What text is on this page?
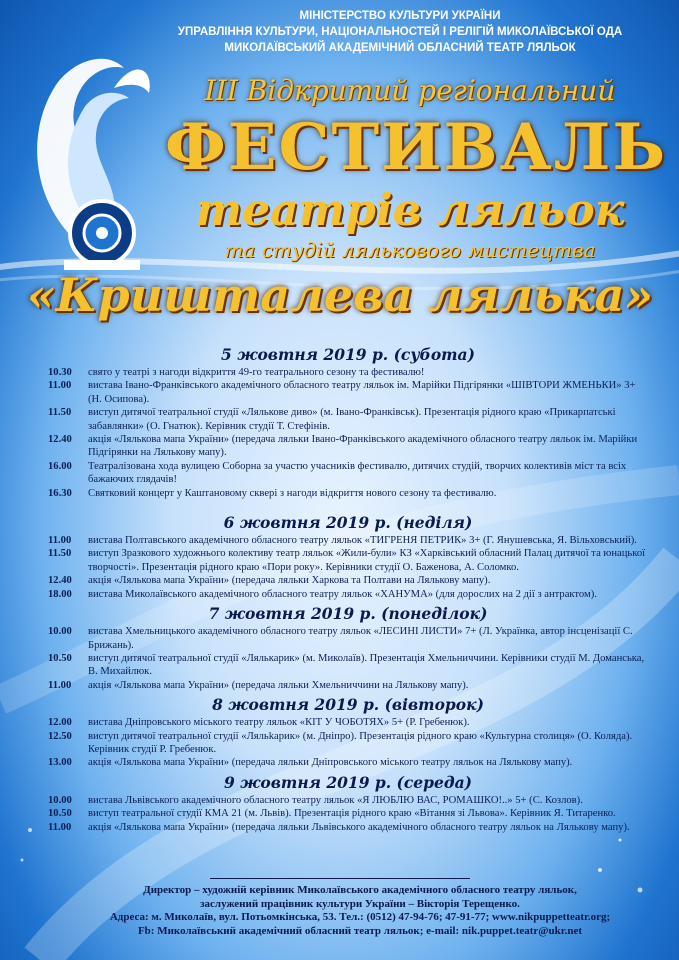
МІНІСТЕРСТВО КУЛЬТУРИ УКРАЇНИ
УПРАВЛІННЯ КУЛЬТУРИ, НАЦІОНАЛЬНОСТЕЙ І РЕЛІГІЙ МИКОЛАЇВСЬКОЇ ОДА
МИКОЛАЇВСЬКИЙ АКАДЕМІЧНИЙ ОБЛАСНИЙ ТЕАТР ЛЯЛЬОК
ІІІ Відкритий регіональний
ФЕСТИВАЛЬ
театрів ляльок
та студій лялькового мистецтва
«Кришталева лялька»
5 жовтня 2019 р. (субота)
10.30	свято у театрі з нагоди відкриття 49-го театрального сезону та фестивалю!
11.00	вистава Івано-Франківського академічного обласного театру ляльок ім. Марійки Підгірянки «ШІВТОРИ ЖМЕНЬКИ» 3+ (Н. Осипова).
11.50	виступ дитячої театральної студії «Ляльковe диво» (м. Івано-Франківськ). Презентація рідного краю «Прикарпатські забавлянки» (О. Гнатюк). Керівник студії Т. Стефінів.
12.40	акція «Лялькова мапа України» (передача ляльки Івано-Франківського академічного обласного театру ляльок ім. Марійки Підгірянки на Лялькову мапу).
16.00	Театралізована хода вулицею Соборна за участю учасників фестивалю, дитячих студій, творчих колективів міст та всіх бажаючих глядачів!
16.30	Святковий концерт у Каштановому сквері з нагоди відкриття нового сезону та фестивалю.
6 жовтня 2019 р. (неділя)
11.00	вистава Полтавського академічного обласного театру ляльок «ТИГРЕНЯ ПЕТРИК» 3+ (Г. Янушевська, Я. Вільховський).
11.50	виступ Зразкового художнього колективу театр ляльок «Жили-були» КЗ «Харківський обласний Палац дитячої та юнацької творчості». Презентація рідного краю «Пори року». Керівники студії О. Баженова, А. Соломко.
12.40	акція «Лялькова мапа України» (передача ляльки Харкова та Полтави на Лялькову мапу).
18.00	вистава Миколаївського академічного обласного театру ляльок «ХАНУМА» (для дорослих на 2 дії з антрактом).
7 жовтня 2019 р. (понеділок)
10.00	вистава Хмельницького академічного обласного театру ляльок «ЛЕСИНІ ЛИСТИ» 7+ (Л. Українка, автор інсценізації С. Брижань).
10.50	виступ дитячої театральної студії «Лялькарик» (м. Миколаїв). Презентація Хмельниччини. Керівники студії М. Доманська, В. Михайлюк.
11.00	акція «Лялькова мапа України» (передача ляльки Хмельниччини на Лялькову мапу).
8 жовтня 2019 р. (вівторок)
12.00	вистава Дніпровського міського театру ляльок «КІТ У ЧОБОТЯХ» 5+ (Р. Гребенюк).
12.50	виступ дитячої театральної студії «Ляльkарик» (м. Дніпро). Презентація рідного краю «Культурна столиця» (О. Коляда). Керівник студії Р. Гребенюк.
13.00	акція «Лялькова мапа України» (передача ляльки Дніпровського міського театру ляльок на Лялькову мапу).
9 жовтня 2019 р. (середа)
10.00	вистава Львівського академічного обласного театру ляльок «Я ЛЮБЛЮ ВАС, РОМАШКО!..» 5+ (С. Козлов).
10.50	виступ театральної студії КМА 21 (м. Львів). Презентація рідного краю «Вітання зі Львова». Керівник Я. Титаренко.
11.00	акція «Лялькова мапа України» (передача ляльки Львівського академічного обласного театру ляльок на Лялькову мапу).
Директор – художній керівник Миколаївського академічного обласного театру ляльок,
заслужений працівник культури України – Вікторія Терещенко.
Адреса: м. Миколаїв, вул. Потьомкінська, 53. Тел.: (0512) 47-94-76; 47-91-77; www.nikpuppetteatr.org;
Fb: Миколаївський академічний обласний театр ляльок; e-mail: nik.puppet.teatr@ukr.net
